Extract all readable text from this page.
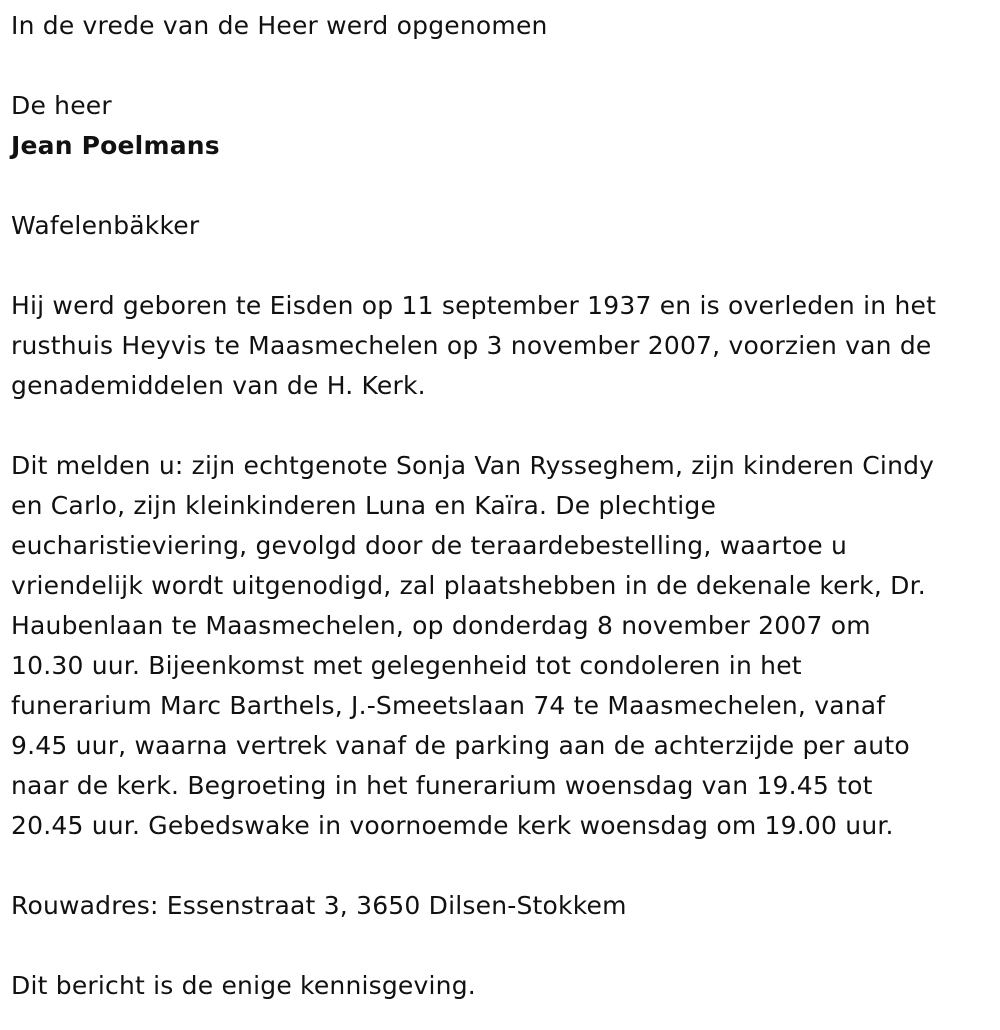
In de vrede van de Heer werd opgenomen

De heer

Jean Poelmans

Wafelenbäkker

Hij werd geboren te Eisden op 11 september 1937 en is overleden in het

rusthuis Heyvis te Maasmechelen op 3 november 2007, voorzien van de

genademiddelen van de H. Kerk.

Dit melden u: zijn echtgenote Sonja Van Rysseghem, zijn kinderen Cindy

en Carlo, zijn kleinkinderen Luna en Kaïra. De plechtige

eucharistieviering, gevolgd door de teraardebestelling, waartoe u

vriendelijk wordt uitgenodigd, zal plaatshebben in de dekenale kerk, Dr.

Haubenlaan te Maasmechelen, op donderdag 8 november 2007 om

10.30 uur. Bijeenkomst met gelegenheid tot condoleren in het

funerarium Marc Barthels, J.-Smeetslaan 74 te Maasmechelen, vanaf

9.45 uur, waarna vertrek vanaf de parking aan de achterzijde per auto

naar de kerk. Begroeting in het funerarium woensdag van 19.45 tot

20.45 uur. Gebedswake in voornoemde kerk woensdag om 19.00 uur.

Rouwadres: Essenstraat 3, 3650 Dilsen-Stokkem

Dit bericht is de enige kennisgeving.
